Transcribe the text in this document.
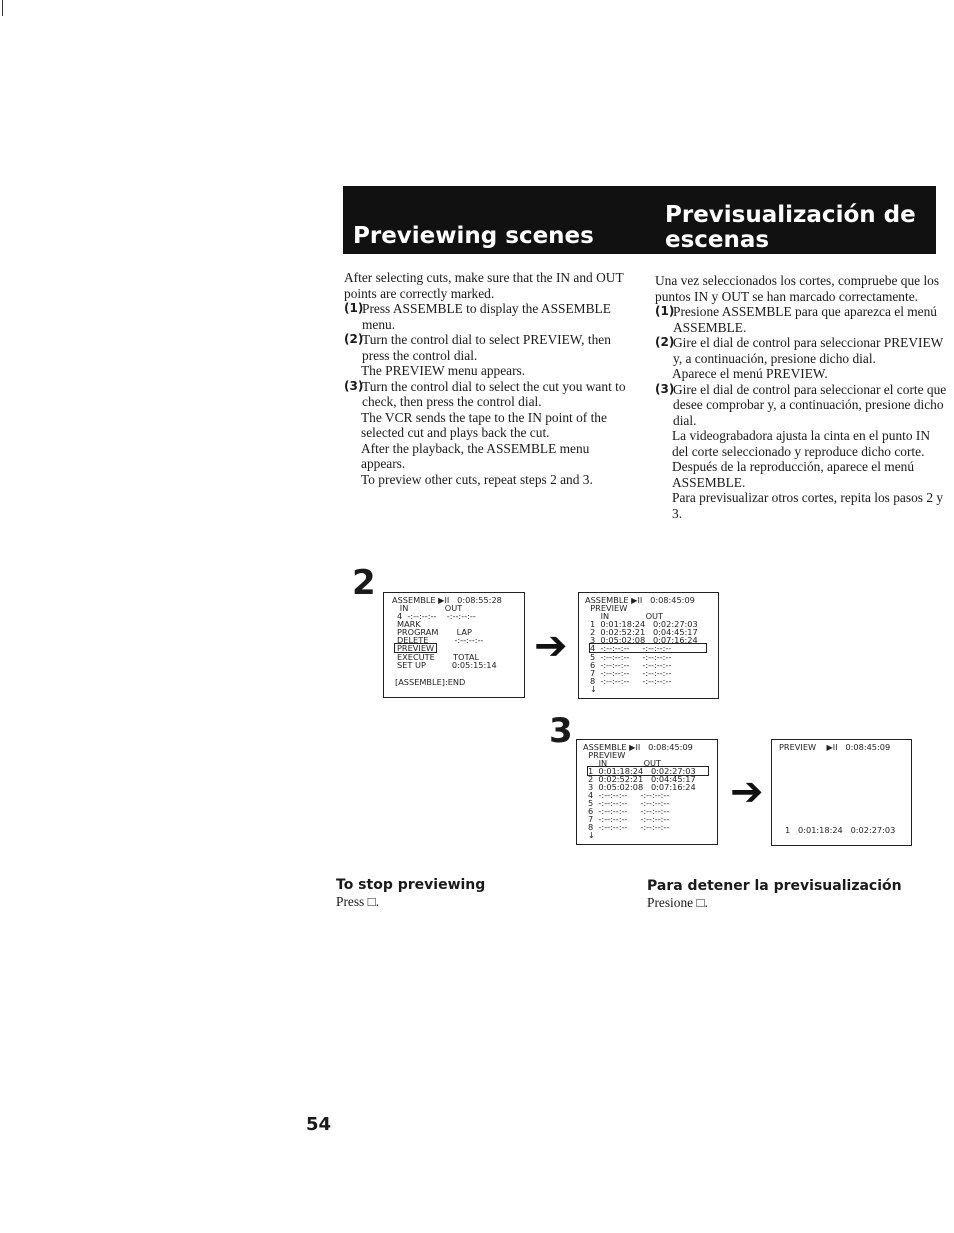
Previewing scenes
Previsualización de
escenas

After selecting cuts, make sure that the IN and OUT points are correctly marked.

(1)
Press ASSEMBLE to display the ASSEMBLE menu.
(2)
Turn the control dial to select PREVIEW, then press the control dial.

The PREVIEW menu appears.

(3)
Turn the control dial to select the cut you want to check, then press the control dial.

The VCR sends the tape to the IN point of the selected cut and plays back the cut.

After the playback, the ASSEMBLE menu appears.

To preview other cuts, repeat steps 2 and 3.

Una vez seleccionados los cortes, compruebe que los puntos IN y OUT se han marcado correctamente.

(1)
Presione ASSEMBLE para que aparezca el menú ASSEMBLE.
(2)
Gire el dial de control para seleccionar PREVIEW y, a continuación, presione dicho dial.

Aparece el menú PREVIEW.

(3)
Gire el dial de control para seleccionar el corte que desee comprobar y, a continuación, presione dicho dial.

La videograbadora ajusta la cinta en el punto IN del corte seleccionado y reproduce dicho corte.

Después de la reproducción, aparece el menú ASSEMBLE.

Para previsualizar otros cortes, repita los pasos 2 y 3.

2 ASSEMBLE ▶II   0:08:55:28
IN              OUT
4  -:--:--:--    -:--:--:--
MARK
PROGRAM       LAP
DELETE          -:--:--:--
PREVIEW
EXECUTE       TOTAL
SET UP          0:05:15:14
[ASSEMBLE]:END
➔
ASSEMBLE ▶II   0:08:45:09
PREVIEW
IN              OUT
1  0:01:18:24   0:02:27:03
2  0:02:52:21   0:04:45:17
3  0:05:02:08   0:07:16:24
4  -:--:--:--     -:--:--:--
5  -:--:--:--     -:--:--:--
6  -:--:--:--     -:--:--:--
7  -:--:--:--     -:--:--:--
8  -:--:--:--     -:--:--:--
↓
3 ASSEMBLE ▶II   0:08:45:09
PREVIEW
IN              OUT
1  0:01:18:24   0:02:27:03
2  0:02:52:21   0:04:45:17
3  0:05:02:08   0:07:16:24
4  -:--:--:--     -:--:--:--
5  -:--:--:--     -:--:--:--
6  -:--:--:--     -:--:--:--
7  -:--:--:--     -:--:--:--
8  -:--:--:--     -:--:--:--
↓
➔
PREVIEW    ▶II   0:08:45:09
1   0:01:18:24   0:02:27:03
To stop previewing
Press □.
Para detener la previsualización
Presione □.
54
